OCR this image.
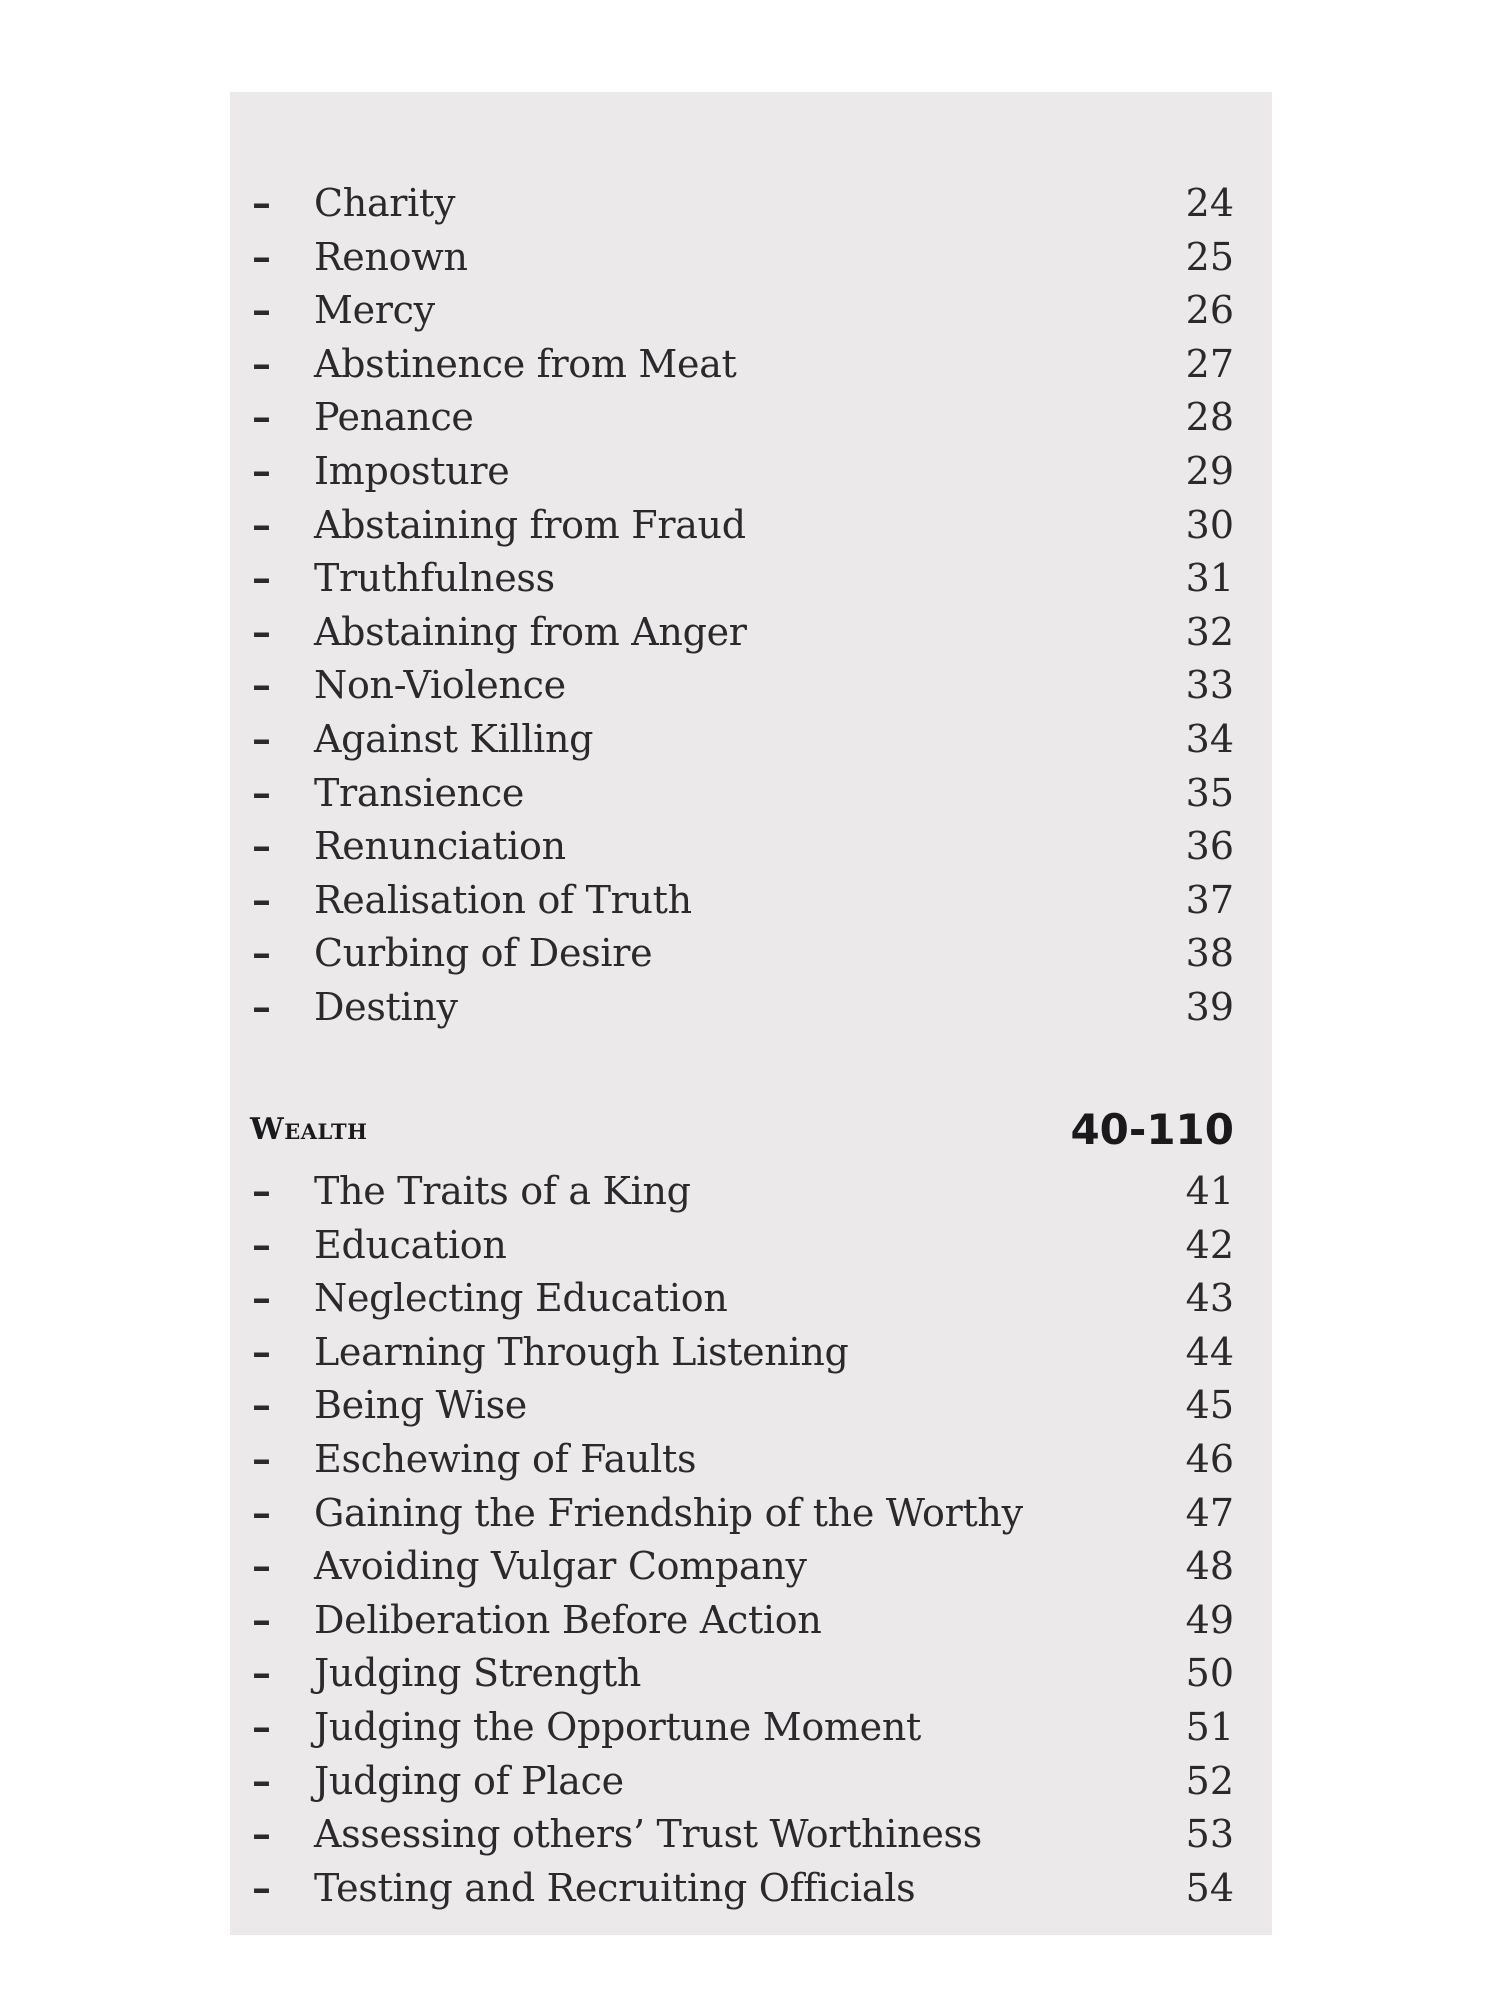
– Charity	24
– Renown	25
– Mercy	26
– Abstinence from Meat	27
– Penance	28
– Imposture	29
– Abstaining from Fraud	30
– Truthfulness	31
– Abstaining from Anger	32
– Non-Violence	33
– Against Killing	34
– Transience	35
– Renunciation	36
– Realisation of Truth	37
– Curbing of Desire	38
– Destiny	39
Wealth	40-110
– The Traits of a King	41
– Education	42
– Neglecting Education	43
– Learning Through Listening	44
– Being Wise	45
– Eschewing of Faults	46
– Gaining the Friendship of the Worthy	47
– Avoiding Vulgar Company	48
– Deliberation Before Action	49
– Judging Strength	50
– Judging the Opportune Moment	51
– Judging of Place	52
– Assessing others’ Trust Worthiness	53
– Testing and Recruiting Officials	54
